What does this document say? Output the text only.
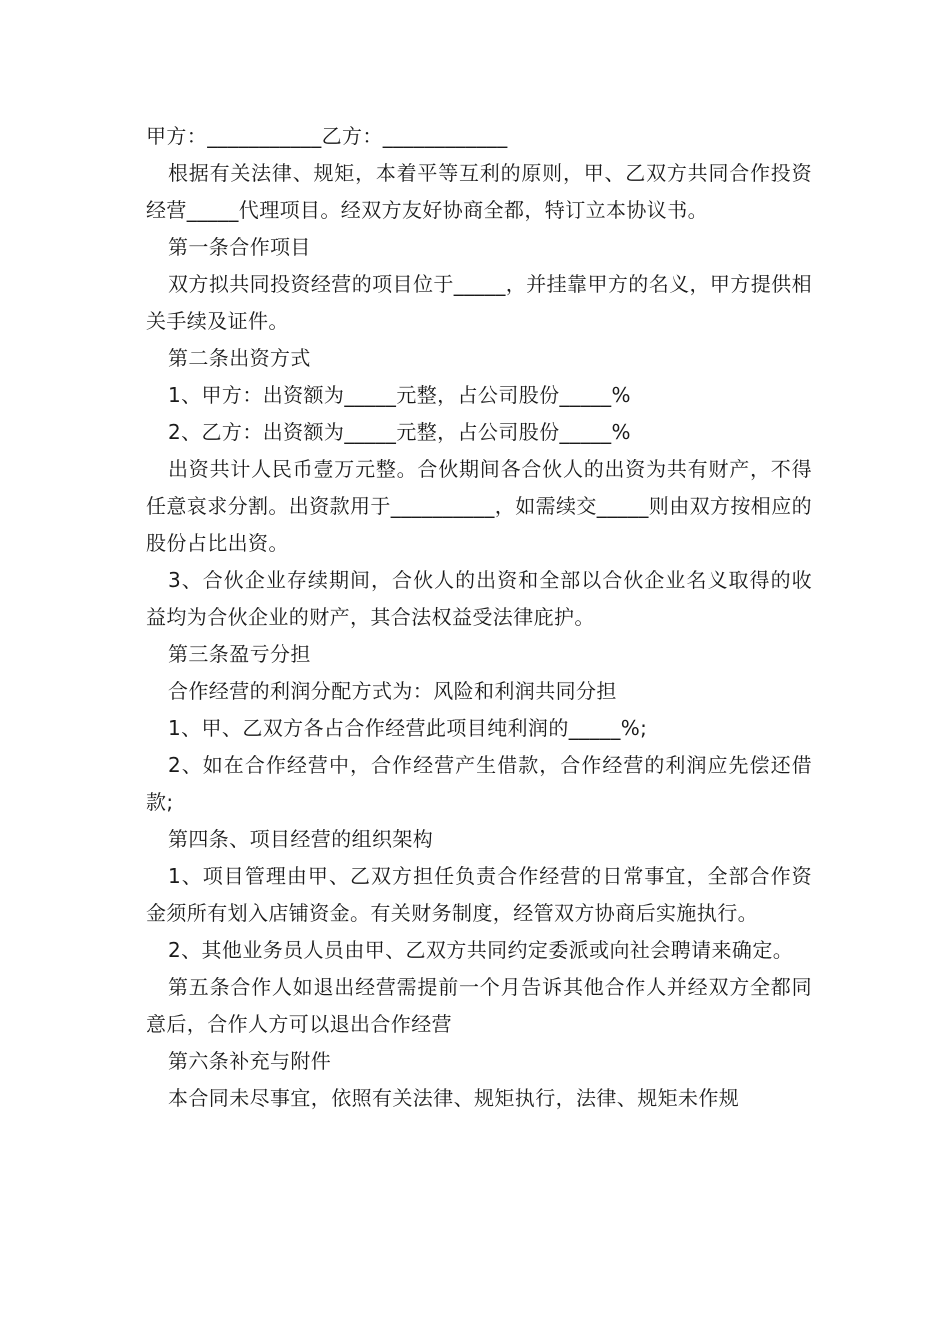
甲方：___________乙方：____________

根据有关法律、规矩，本着平等互利的原则，甲、乙双方共同合作投资经营_____代理项目。经双方友好协商全都，特订立本协议书。

第一条合作项目

双方拟共同投资经营的项目位于_____，并挂靠甲方的名义，甲方提供相关手续及证件。

第二条出资方式

1、甲方：出资额为_____元整，占公司股份_____%

2、乙方：出资额为_____元整，占公司股份_____%

出资共计人民币壹万元整。合伙期间各合伙人的出资为共有财产，不得任意哀求分割。出资款用于__________，如需续交_____则由双方按相应的股份占比出资。

3、合伙企业存续期间，合伙人的出资和全部以合伙企业名义取得的收益均为合伙企业的财产，其合法权益受法律庇护。

第三条盈亏分担

合作经营的利润分配方式为：风险和利润共同分担

1、甲、乙双方各占合作经营此项目纯利润的_____%;

2、如在合作经营中，合作经营产生借款，合作经营的利润应先偿还借款;

第四条、项目经营的组织架构

1、项目管理由甲、乙双方担任负责合作经营的日常事宜，全部合作资金须所有划入店铺资金。有关财务制度，经管双方协商后实施执行。

2、其他业务员人员由甲、乙双方共同约定委派或向社会聘请来确定。

第五条合作人如退出经营需提前一个月告诉其他合作人并经双方全都同意后，合作人方可以退出合作经营

第六条补充与附件

本合同未尽事宜，依照有关法律、规矩执行，法律、规矩未作规
